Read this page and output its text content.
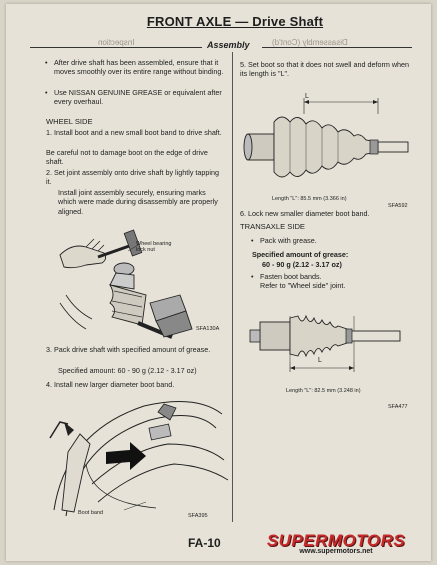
FRONT AXLE — Drive Shaft
Inspection	Disassembly (Cont'd)
Assembly
• After drive shaft has been assembled, ensure that it moves smoothly over its entire range without binding.
• Use NISSAN GENUINE GREASE or equivalent after every overhaul.
WHEEL SIDE
1. Install boot and a new small boot band to drive shaft.
Be careful not to damage boot on the edge of drive shaft.
2. Set joint assembly onto drive shaft by lightly tapping it.
Install joint assembly securely, ensuring marks which were made during disassembly are properly aligned.
Wheel bearing lock nut
SFA130A
3. Pack drive shaft with specified amount of grease.
Specified amount: 60 - 90 g (2.12 - 3.17 oz)
4. Install new larger diameter boot band.
Boot band	SFA395
5. Set boot so that it does not swell and deform when its length is "L".
L
Length "L": 85.5 mm (3.366 in)
SFA592
6. Lock new smaller diameter boot band.
TRANSAXLE SIDE
• Pack with grease.
Specified amount of grease:
60 - 90 g (2.12 - 3.17 oz)
• Fasten boot bands.
Refer to "Wheel side" joint.
L
Length "L": 82.5 mm (3.248 in)
SFA477
FA-10	SUPERMOTORS
www.supermotors.net
